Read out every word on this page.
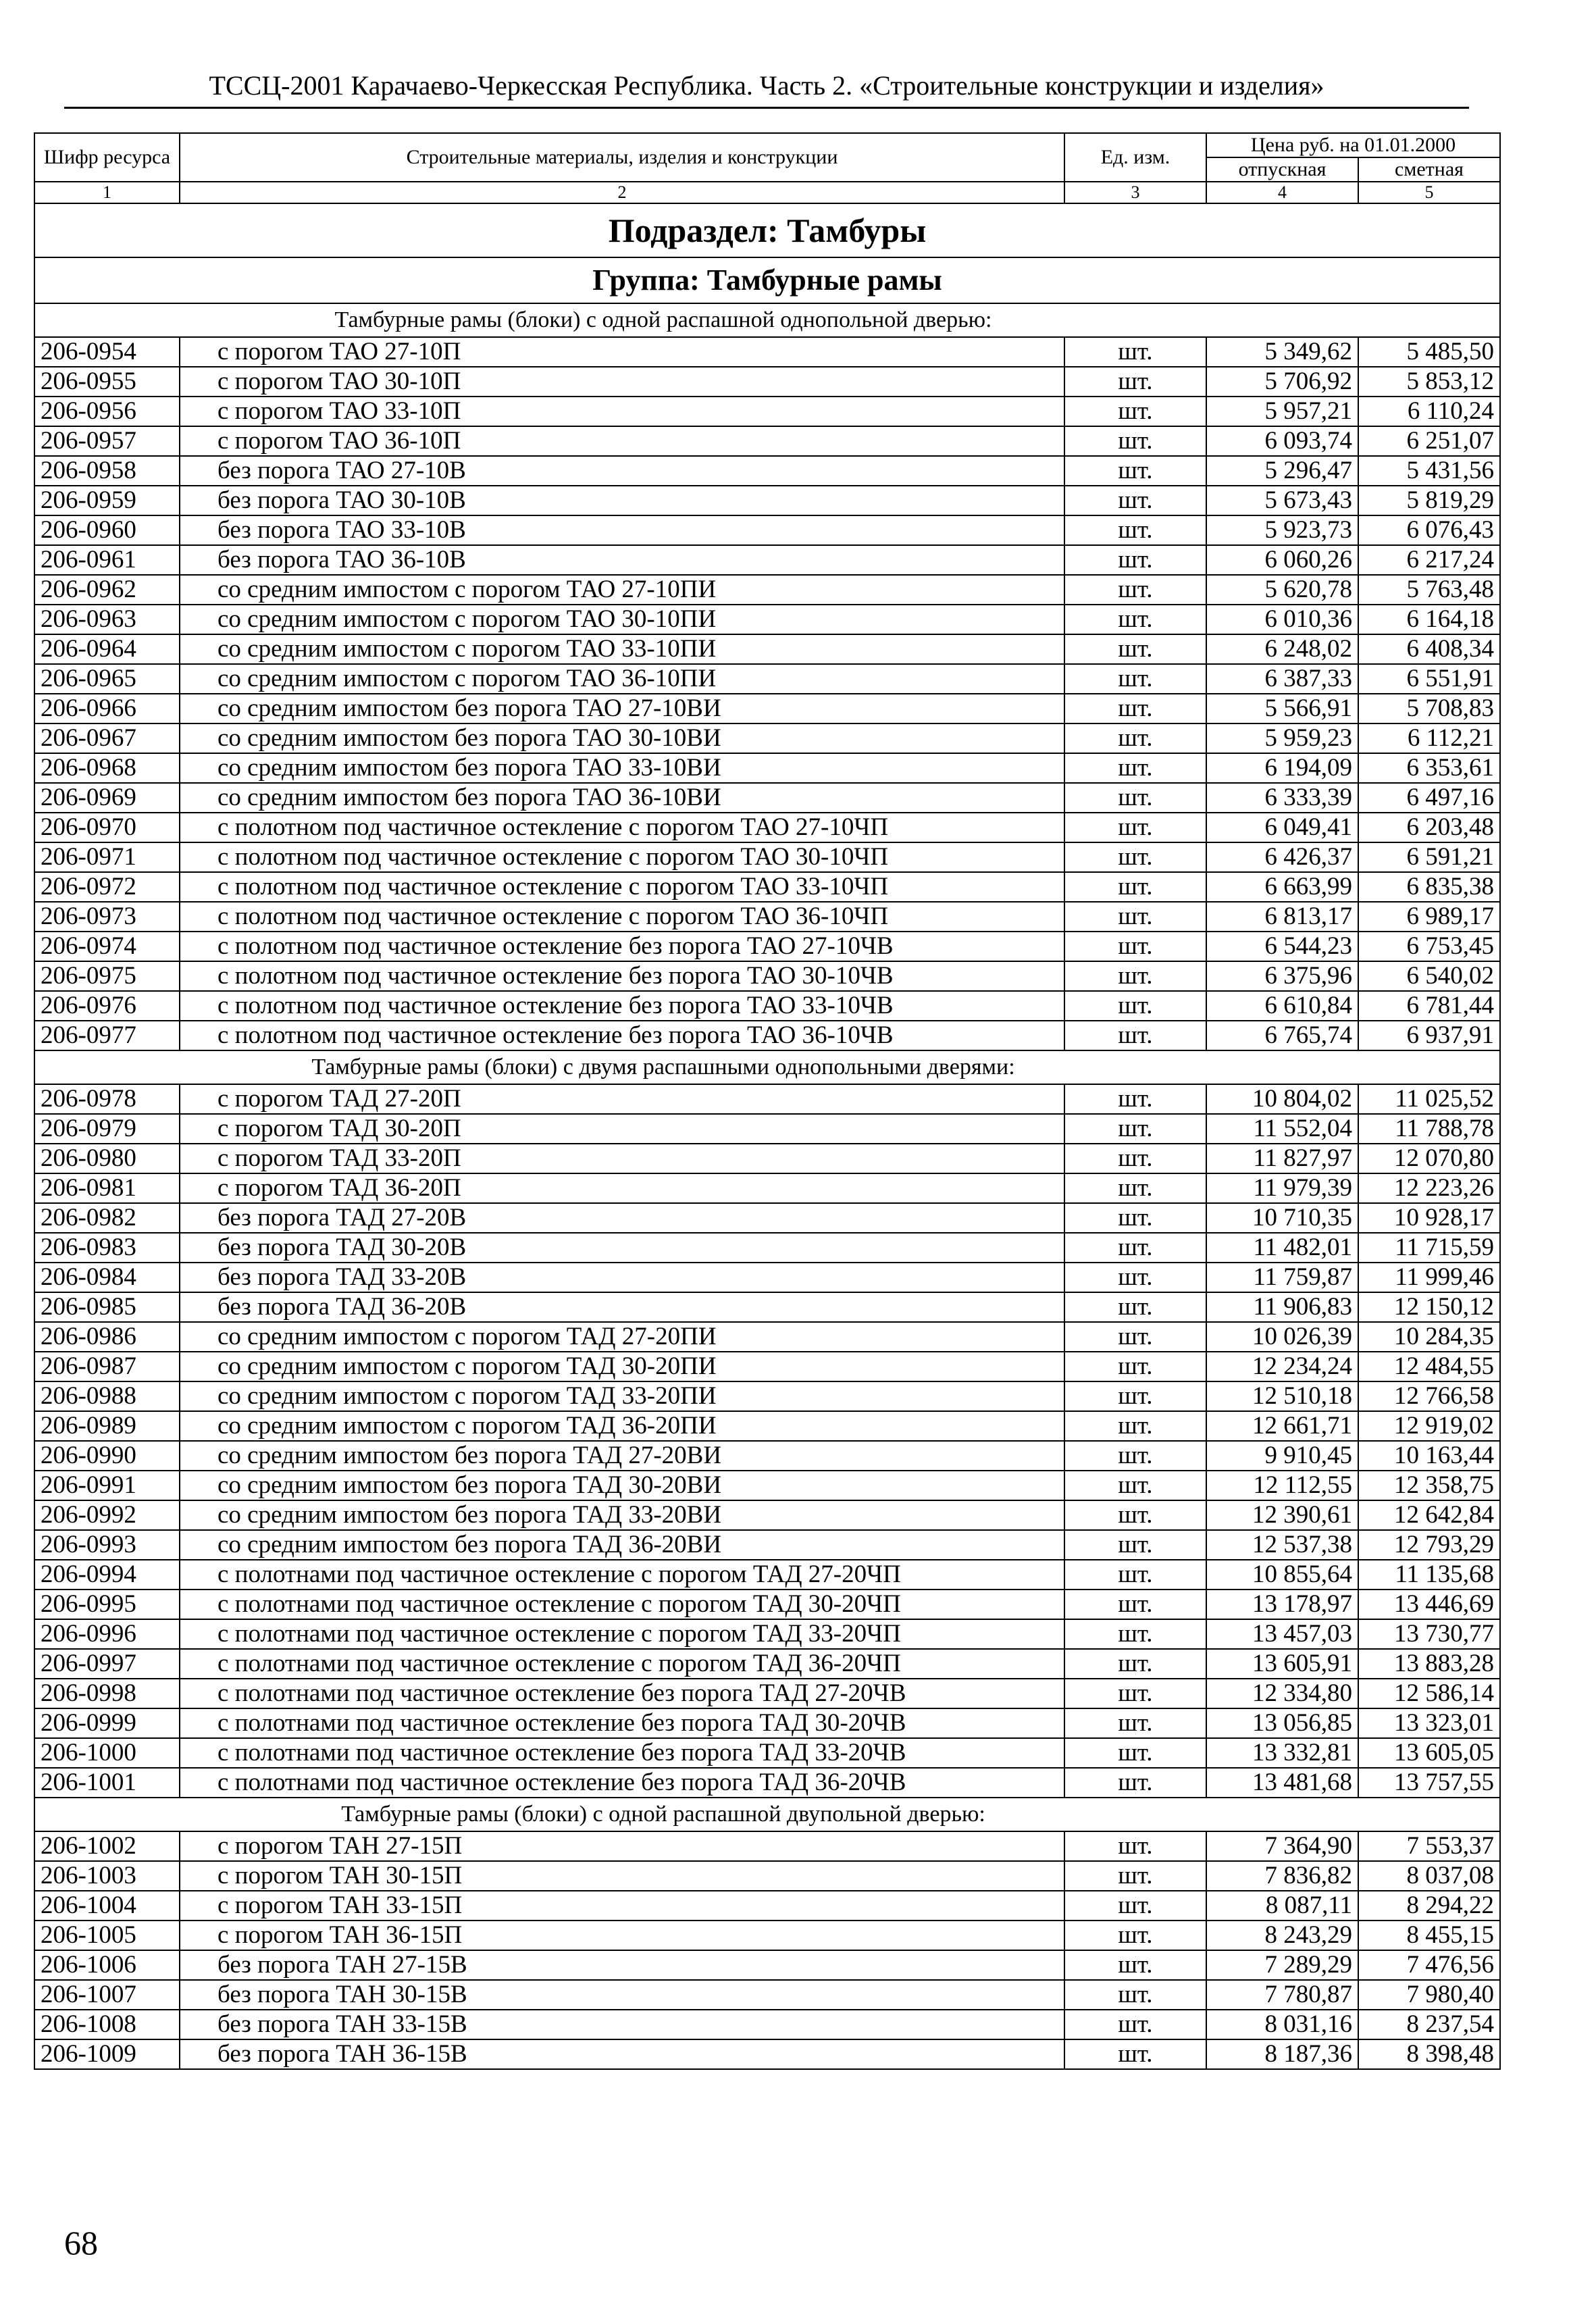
ТССЦ-2001 Карачаево-Черкесская Республика. Часть 2. «Строительные конструкции и изделия»
Шифр ресурса	Строительные материалы, изделия и конструкции	Ед. изм.	Цена руб. на 01.01.2000	
			отпускная	сметная
1	2	3	4	5
Подраздел: Тамбуры				
Группа: Тамбурные рамы				
Тамбурные рамы (блоки) с одной распашной однопольной дверью:				
206-0954	с порогом ТАО 27-10П	шт.	5 349,62	5 485,50
206-0955	с порогом ТАО 30-10П	шт.	5 706,92	5 853,12
206-0956	с порогом ТАО 33-10П	шт.	5 957,21	6 110,24
206-0957	с порогом ТАО 36-10П	шт.	6 093,74	6 251,07
206-0958	без порога ТАО 27-10В	шт.	5 296,47	5 431,56
206-0959	без порога ТАО 30-10В	шт.	5 673,43	5 819,29
206-0960	без порога ТАО 33-10В	шт.	5 923,73	6 076,43
206-0961	без порога ТАО 36-10В	шт.	6 060,26	6 217,24
206-0962	со средним импостом с порогом ТАО 27-10ПИ	шт.	5 620,78	5 763,48
206-0963	со средним импостом с порогом ТАО 30-10ПИ	шт.	6 010,36	6 164,18
206-0964	со средним импостом с порогом ТАО 33-10ПИ	шт.	6 248,02	6 408,34
206-0965	со средним импостом с порогом ТАО 36-10ПИ	шт.	6 387,33	6 551,91
206-0966	со средним импостом без порога ТАО 27-10ВИ	шт.	5 566,91	5 708,83
206-0967	со средним импостом без порога ТАО 30-10ВИ	шт.	5 959,23	6 112,21
206-0968	со средним импостом без порога ТАО 33-10ВИ	шт.	6 194,09	6 353,61
206-0969	со средним импостом без порога ТАО 36-10ВИ	шт.	6 333,39	6 497,16
206-0970	с полотном под частичное остекление с порогом ТАО 27-10ЧП	шт.	6 049,41	6 203,48
206-0971	с полотном под частичное остекление с порогом ТАО 30-10ЧП	шт.	6 426,37	6 591,21
206-0972	с полотном под частичное остекление с порогом ТАО 33-10ЧП	шт.	6 663,99	6 835,38
206-0973	с полотном под частичное остекление с порогом ТАО 36-10ЧП	шт.	6 813,17	6 989,17
206-0974	с полотном под частичное остекление без порога ТАО 27-10ЧВ	шт.	6 544,23	6 753,45
206-0975	с полотном под частичное остекление без порога ТАО 30-10ЧВ	шт.	6 375,96	6 540,02
206-0976	с полотном под частичное остекление без порога ТАО 33-10ЧВ	шт.	6 610,84	6 781,44
206-0977	с полотном под частичное остекление без порога ТАО 36-10ЧВ	шт.	6 765,74	6 937,91
Тамбурные рамы (блоки) с двумя распашными однопольными дверями:				
206-0978	с порогом ТАД 27-20П	шт.	10 804,02	11 025,52
206-0979	с порогом ТАД 30-20П	шт.	11 552,04	11 788,78
206-0980	с порогом ТАД 33-20П	шт.	11 827,97	12 070,80
206-0981	с порогом ТАД 36-20П	шт.	11 979,39	12 223,26
206-0982	без порога ТАД 27-20В	шт.	10 710,35	10 928,17
206-0983	без порога ТАД 30-20В	шт.	11 482,01	11 715,59
206-0984	без порога ТАД 33-20В	шт.	11 759,87	11 999,46
206-0985	без порога ТАД 36-20В	шт.	11 906,83	12 150,12
206-0986	со средним импостом с порогом ТАД 27-20ПИ	шт.	10 026,39	10 284,35
206-0987	со средним импостом с порогом ТАД 30-20ПИ	шт.	12 234,24	12 484,55
206-0988	со средним импостом с порогом ТАД 33-20ПИ	шт.	12 510,18	12 766,58
206-0989	со средним импостом с порогом ТАД 36-20ПИ	шт.	12 661,71	12 919,02
206-0990	со средним импостом без порога ТАД 27-20ВИ	шт.	9 910,45	10 163,44
206-0991	со средним импостом без порога ТАД 30-20ВИ	шт.	12 112,55	12 358,75
206-0992	со средним импостом без порога ТАД 33-20ВИ	шт.	12 390,61	12 642,84
206-0993	со средним импостом без порога ТАД 36-20ВИ	шт.	12 537,38	12 793,29
206-0994	с полотнами под частичное остекление с порогом ТАД 27-20ЧП	шт.	10 855,64	11 135,68
206-0995	с полотнами под частичное остекление с порогом ТАД 30-20ЧП	шт.	13 178,97	13 446,69
206-0996	с полотнами под частичное остекление с порогом ТАД 33-20ЧП	шт.	13 457,03	13 730,77
206-0997	с полотнами под частичное остекление с порогом ТАД 36-20ЧП	шт.	13 605,91	13 883,28
206-0998	с полотнами под частичное остекление без порога ТАД 27-20ЧВ	шт.	12 334,80	12 586,14
206-0999	с полотнами под частичное остекление без порога ТАД 30-20ЧВ	шт.	13 056,85	13 323,01
206-1000	с полотнами под частичное остекление без порога ТАД 33-20ЧВ	шт.	13 332,81	13 605,05
206-1001	с полотнами под частичное остекление без порога ТАД 36-20ЧВ	шт.	13 481,68	13 757,55
Тамбурные рамы (блоки) с одной распашной двупольной дверью:				
206-1002	с порогом ТАН 27-15П	шт.	7 364,90	7 553,37
206-1003	с порогом ТАН 30-15П	шт.	7 836,82	8 037,08
206-1004	с порогом ТАН 33-15П	шт.	8 087,11	8 294,22
206-1005	с порогом ТАН 36-15П	шт.	8 243,29	8 455,15
206-1006	без порога ТАН 27-15В	шт.	7 289,29	7 476,56
206-1007	без порога ТАН 30-15В	шт.	7 780,87	7 980,40
206-1008	без порога ТАН 33-15В	шт.	8 031,16	8 237,54
206-1009	без порога ТАН 36-15В	шт.	8 187,36	8 398,48
68
